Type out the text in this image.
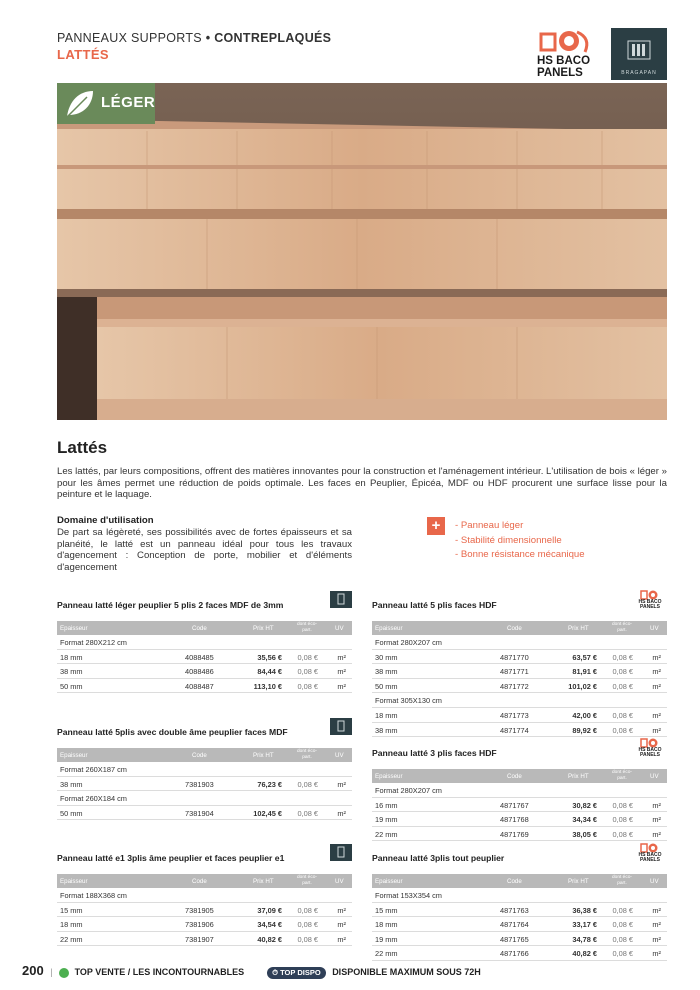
PANNEAUX SUPPORTS • CONTREPLAQUÉS
LATTÉS	HS BACO
PANELS	BRAGAPAN
LÉGER
Lattés
Les lattés, par leurs compositions, offrent des matières innovantes pour la construction et l'aménagement intérieur. L'utilisation de bois « léger » pour les âmes permet une réduction de poids optimale. Les faces en Peuplier, Épicéa, MDF ou HDF procurent une surface lisse pour la peinture et le laquage.
Domaine d'utilisation
De part sa légèreté, ses possibilités avec de fortes épaisseurs et sa planéité, le latté est un panneau idéal pour tous les travaux d'agencement : Conception de porte, mobilier et d'éléments d'agencement
+
-	Panneau léger
- Stabilité dimensionnelle
- Bonne résistance mécanique
Panneau latté léger peuplier 5 plis 2 faces MDF de 3mm
Epaisseur	Code	Prix HT
dont éco-part.	UV
Format 280X212 cm
18 mm	4088485	35,56 € 0,08 €	m²
38 mm	4088486	84,44 € 0,08 €	m²
50 mm	4088487	113,10 € 0,08 €	m²
Panneau latté 5plis avec double âme peuplier faces MDF
Epaisseur	Code	Prix HT
dont éco-part.	UV
Format 260X187 cm
38 mm	7381903	76,23 € 0,08 €	m²
Format 260X184 cm
50 mm	7381904	102,45 € 0,08 €	m²
Panneau latté e1 3plis âme peuplier et faces peuplier e1
Epaisseur	Code	Prix HT
dont éco-part.	UV
Format 188X368 cm
15 mm	7381905	37,09 € 0,08 €	m²
18 mm	7381906	34,54 € 0,08 €	m²
22 mm	7381907	40,82 € 0,08 €	m²
Panneau latté 5 plis faces HDF	HS BACO
PANELS
Epaisseur	Code	Prix HT
dont éco-part.	UV
Format 280X207 cm
30 mm	4871770	63,57 € 0,08 €	m²
38 mm	4871771	81,91 € 0,08 €	m²
50 mm	4871772	101,02 € 0,08 €	m²
Format 305X130 cm
18 mm	4871773	42,00 € 0,08 €	m²
38 mm	4871774	89,92 € 0,08 €	m²
Panneau latté 3 plis faces HDF	HS BACO
PANELS
Epaisseur	Code	Prix HT
dont éco-part.	UV
Format 280X207 cm
16 mm	4871767	30,82 € 0,08 €	m²
19 mm	4871768	34,34 € 0,08 €	m²
22 mm	4871769	38,05 € 0,08 €	m²
Panneau latté 3plis tout peuplier	HS BACO
PANELS
Epaisseur	Code	Prix HT
dont éco-part.	UV
Format 153X354 cm
15 mm	4871763	36,38 € 0,08 €	m²
18 mm	4871764	33,17 € 0,08 €	m²
19 mm	4871765	34,78 € 0,08 €	m²
22 mm	4871766	40,82 € 0,08 €	m²
200 | TOP VENTE / LES INCONTOURNABLES	⏱ TOP DISPO DISPONIBLE MAXIMUM SOUS 72H
